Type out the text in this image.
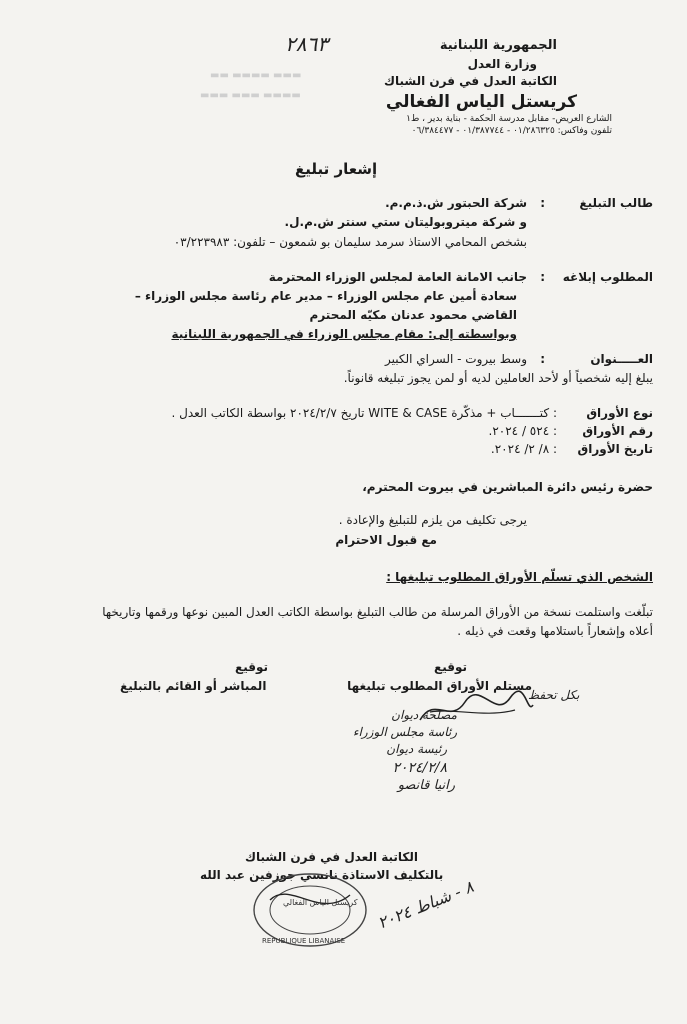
▬▬▬ ▬▬▬▬ ▬▬
▬▬▬▬ ▬▬▬ ▬▬▬
٢٨٦٣	الجمهورية اللبنانية
وزارة العدل
الكاتبة العدل في فرن الشباك
كريستل الياس الفغالي
الشارع العريض- مقابل مدرسة الحكمة - بناية بدير ، ط١
تلفون وفاكس: ٠١/٢٨٦٣٢٥ - ٠١/٣٨٧٧٤٤ - ٠٦/٣٨٤٤٧٧
إشعار تبليغ
طالب التبليغ
:
شركة الحبتور ش.ذ.م.م.
و شركة ميتروبوليتان ستي سنتر ش.م.ل.
بشخص المحامي الاستاذ سرمد سليمان بو شمعون – تلفون: ٠٣/٢٢٣٩٨٣
المطلوب إبلاغه
:
جانب الامانة العامة لمجلس الوزراء المحترمة
سعادة أمين عام مجلس الوزراء – مدير عام رئاسة مجلس الوزراء –
القاضي محمود عدنان مكيّه المحترم
وبواسطته إلى: مقام مجلس الوزراء في الجمهورية اللبنانية
العـــــنوان
:
وسط بيروت - السراي الكبير
يبلغ إليه شخصياً أو لأحد العاملين لديه أو لمن يجوز تبليغه قانوناً.
نوع الأوراق
: كتـــــــاب + مذكّرة WITE & CASE تاريخ ٢٠٢٤/٢/٧ بواسطة الكاتب العدل .
رقم الأوراق
: ٥٢٤ / ٢٠٢٤.
تاريخ الأوراق
: ٨/ ٢/ ٢٠٢٤.
حضرة رئيس دائرة المباشرين في بيروت المحترم،
يرجى تكليف من يلزم للتبليغ والإعادة .
مع قبول الاحترام
الشخص الذي تسلّم الأوراق المطلوب تبليغها :
تبلّغت واستلمت نسخة من الأوراق المرسلة من طالب التبليغ بواسطة الكاتب العدل المبين نوعها ورقمها وتاريخها
أعلاه وإشعاراً باستلامها وقعت في ذيله .
توقيع
مستلم الأوراق المطلوب تبليغها
توقيع
المباشر أو القائم بالتبليغ
بكل تحفظ
مصلحة ديوان
رئاسة مجلس الوزراء
رئيسة ديوان
٢٠٢٤/٢/٨
رانيا قانصو
الكاتبة العدل في فرن الشباك
بالتكليف الاستاذة نانسي جوزفين عبد الله
كريستل الياس الفغالي
REPUBLIQUE LIBANAISE
٨ - شباط ٢٠٢٤
